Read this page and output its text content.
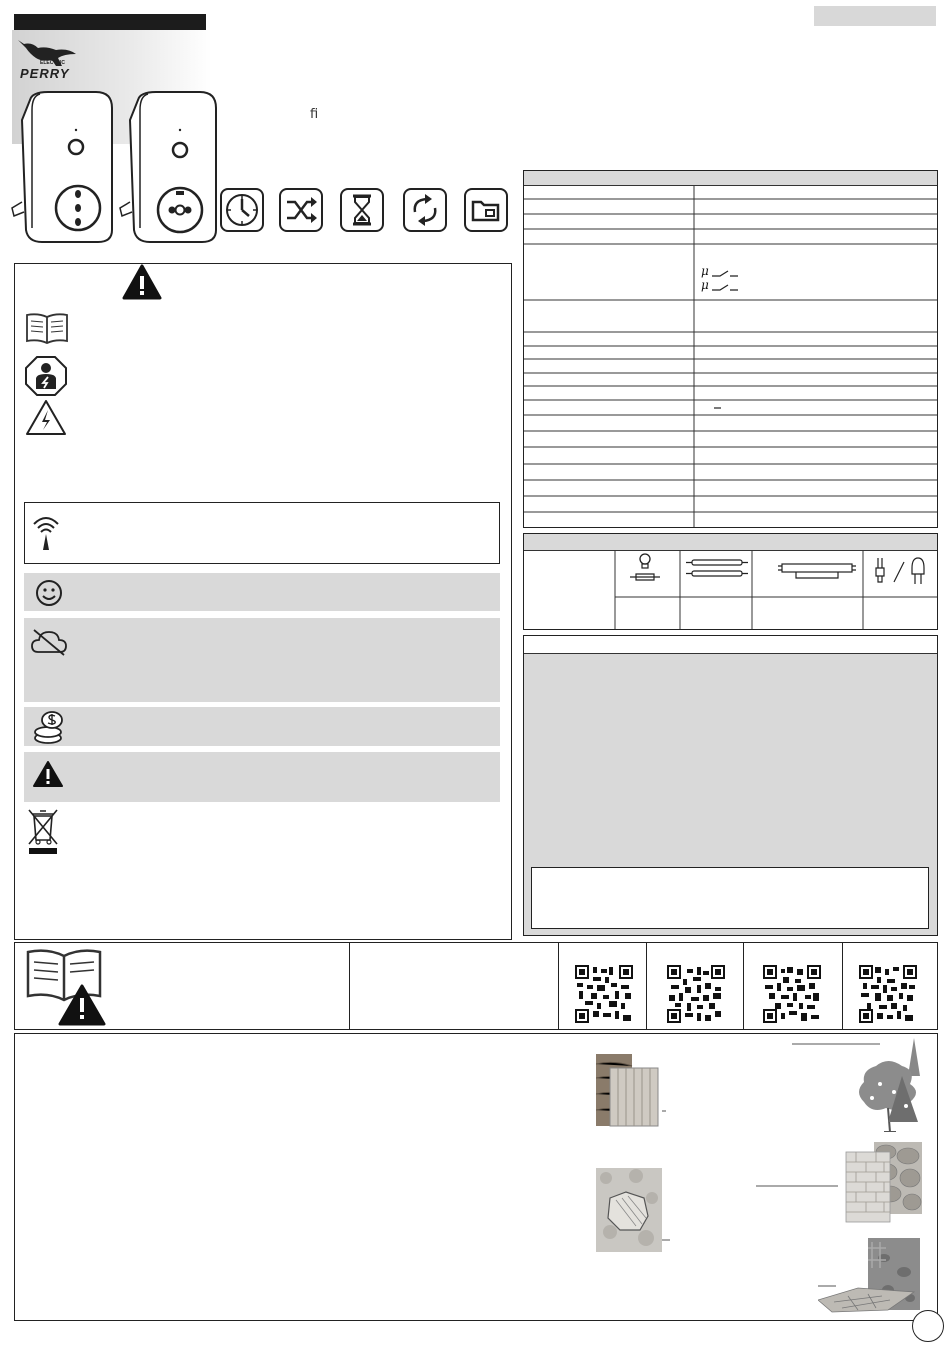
ELECTRIC
PERRY
fi
μ
μ
